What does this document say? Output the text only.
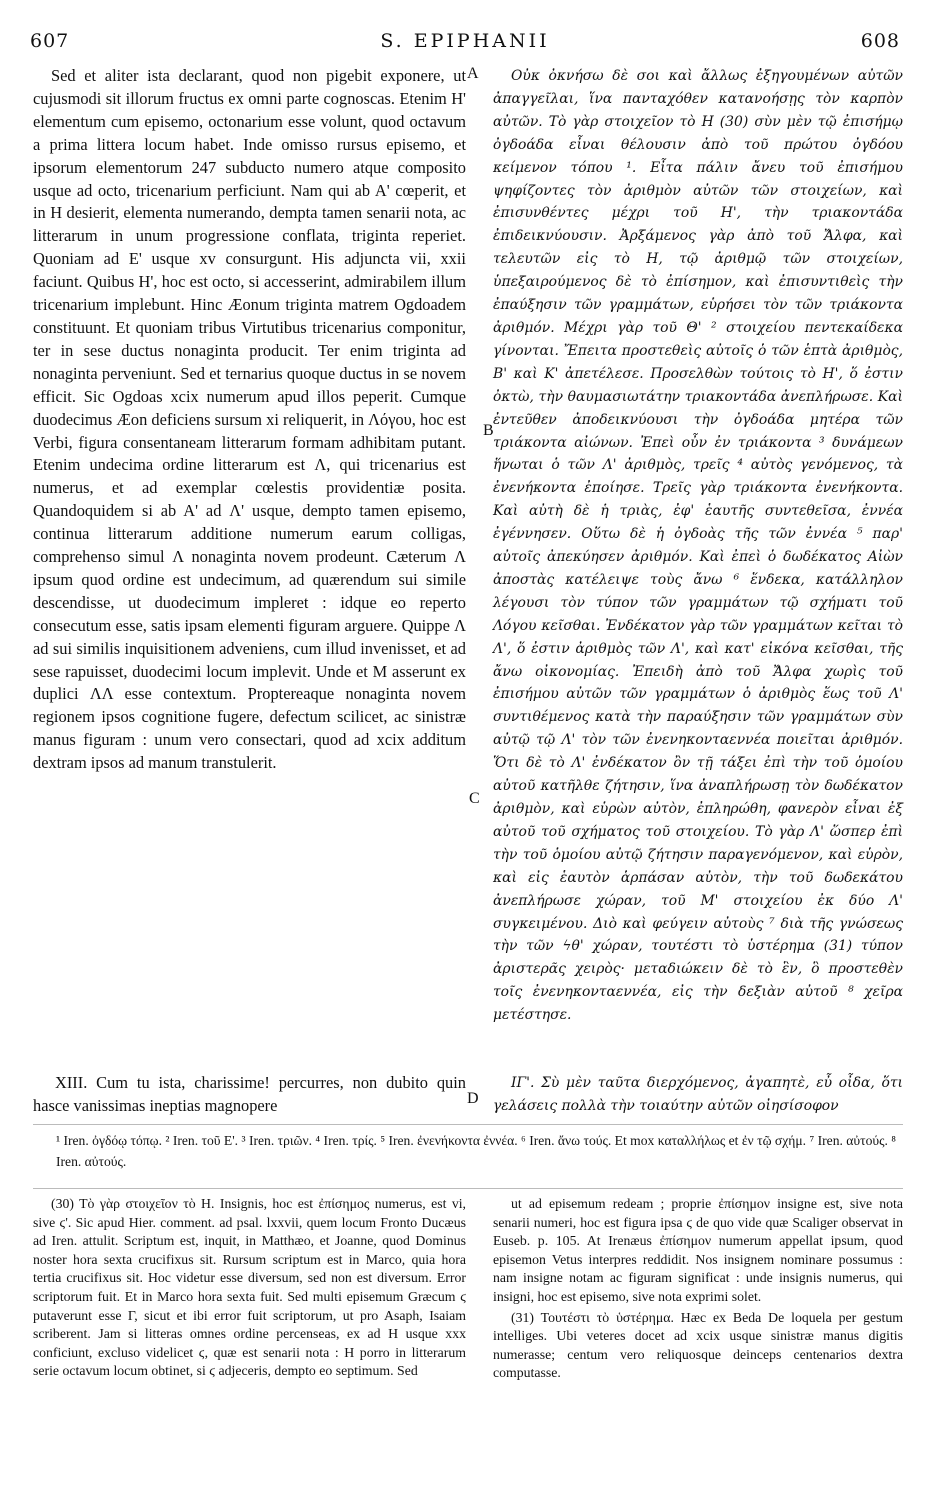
607	S. EPIPHANII	608

Sed et aliter ista declarant, quod non pigebit exponere, ut cujusmodi sit illorum fructus ex omni parte cognoscas. Etenim H' elementum cum episemo, octonarium esse volunt, quod octavum a prima littera locum habet. Inde omisso rursus episemo, et ipsorum elementorum 247 subducto numero atque composito usque ad octo, tricenarium perficiunt. Nam qui ab A' cœperit, et in H desierit, elementa numerando, dempta tamen senarii nota, ac litterarum in unum progressione conflata, triginta reperiet. Quoniam ad E' usque xv consurgunt. His adjuncta vii, xxii faciunt. Quibus H', hoc est octo, si accesserint, admirabilem illum tricenarium implebunt. Hinc Æonum triginta matrem Ogdoadem constituunt. Et quoniam tribus Virtutibus tricenarius componitur, ter in sese ductus nonaginta producit. Ter enim triginta ad nonaginta perveniunt. Sed et ternarius quoque ductus in se novem efficit. Sic Ogdoas xcix numerum apud illos peperit. Cumque duodecimus Æon deficiens sursum xi reliquerit, in Λόγου, hoc est Verbi, figura consentaneam litterarum formam adhibitam putant. Etenim undecima ordine litterarum est Λ, qui tricenarius est numerus, et ad exemplar cœlestis providentiæ posita. Quandoquidem si ab A' ad Λ' usque, dempto tamen episemo, continua litterarum additione numerum earum colligas, comprehenso simul Λ nonaginta novem prodeunt. Cæterum Λ ipsum quod ordine est undecimum, ad quærendum sui simile descendisse, ut duodecimum impleret : idque eo reperto consecutum esse, satis ipsam elementi figuram arguere. Quippe Λ ad sui similis inquisitionem adveniens, cum illud invenisset, et ad sese rapuisset, duodecimi locum implevit. Unde et M asserunt ex duplici ΛΛ esse contextum. Proptereaque nonaginta novem regionem ipsos cognitione fugere, defectum scilicet, ac sinistræ manus figuram : unum vero consectari, quod ad xcix additum dextram ipsos ad manum transtulerit.

A
B
C
D

Οὐκ ὀκνήσω δὲ σοι καὶ ἄλλως ἐξηγουμένων αὐτῶν ἀπαγγεῖλαι, ἵνα πανταχόθεν κατανοήσῃς τὸν καρπὸν αὐτῶν. Τὸ γὰρ στοιχεῖον τὸ Η (30) σὺν μὲν τῷ ἐπισήμῳ ὀγδοάδα εἶναι θέλουσιν ἀπὸ τοῦ πρώτου ὀγδόου κείμενον τόπου ¹. Εἶτα πάλιν ἄνευ τοῦ ἐπισήμου ψηφίζοντες τὸν ἀριθμὸν αὐτῶν τῶν στοιχείων, καὶ ἐπισυνθέντες μέχρι τοῦ Η', τὴν τριακοντάδα ἐπιδεικνύουσιν. Ἀρξάμενος γὰρ ἀπὸ τοῦ Ἄλφα, καὶ τελευτῶν εἰς τὸ Η, τῷ ἀριθμῷ τῶν στοιχείων, ὑπεξαιρούμενος δὲ τὸ ἐπίσημον, καὶ ἐπισυντιθεὶς τὴν ἐπαύξησιν τῶν γραμμάτων, εὑρήσει τὸν τῶν τριάκοντα ἀριθμόν. Μέχρι γὰρ τοῦ Θ' ² στοιχείου πεντεκαίδεκα γίνονται. Ἔπειτα προστεθεὶς αὐτοῖς ὁ τῶν ἑπτὰ ἀριθμὸς, Β' καὶ Κ' ἀπετέλεσε. Προσελθὼν τούτοις τὸ Η', ὅ ἐστιν ὀκτὼ, τὴν θαυμασιωτάτην τριακοντάδα ἀνεπλήρωσε. Καὶ ἐντεῦθεν ἀποδεικνύουσι τὴν ὀγδοάδα μητέρα τῶν τριάκοντα αἰώνων. Ἐπεὶ οὖν ἐν τριάκοντα ³ δυνάμεων ἥνωται ὁ τῶν Λ' ἀριθμὸς, τρεῖς ⁴ αὐτὸς γενόμενος, τὰ ἐνενήκοντα ἐποίησε. Τρεῖς γὰρ τριάκοντα ἐνενήκοντα. Καὶ αὐτὴ δὲ ἡ τριὰς, ἐφ' ἑαυτῆς συντεθεῖσα, ἐννέα ἐγέννησεν. Οὕτω δὲ ἡ ὀγδοὰς τῆς τῶν ἐννέα ⁵ παρ' αὐτοῖς ἀπεκύησεν ἀριθμόν. Καὶ ἐπεὶ ὁ δωδέκατος Αἰὼν ἀποστὰς κατέλειψε τοὺς ἄνω ⁶ ἕνδεκα, κατάλληλον λέγουσι τὸν τύπον τῶν γραμμάτων τῷ σχήματι τοῦ Λόγου κεῖσθαι. Ἐνδέκατον γὰρ τῶν γραμμάτων κεῖται τὸ Λ', ὅ ἐστιν ἀριθμὸς τῶν Λ', καὶ κατ' εἰκόνα κεῖσθαι, τῆς ἄνω οἰκονομίας. Ἐπειδὴ ἀπὸ τοῦ Ἄλφα χωρὶς τοῦ ἐπισήμου αὐτῶν τῶν γραμμάτων ὁ ἀριθμὸς ἕως τοῦ Λ' συντιθέμενος κατὰ τὴν παραύξησιν τῶν γραμμάτων σὺν αὐτῷ τῷ Λ' τὸν τῶν ἐνενηκονταεννέα ποιεῖται ἀριθμόν. Ὅτι δὲ τὸ Λ' ἐνδέκατον ὂν τῇ τάξει ἐπὶ τὴν τοῦ ὁμοίου αὐτοῦ κατῆλθε ζήτησιν, ἵνα ἀναπλήρωσῃ τὸν δωδέκατον ἀριθμὸν, καὶ εὑρὼν αὐτὸν, ἐπληρώθη, φανερὸν εἶναι ἐξ αὐτοῦ τοῦ σχήματος τοῦ στοιχείου. Τὸ γὰρ Λ' ὥσπερ ἐπὶ τὴν τοῦ ὁμοίου αὐτῷ ζήτησιν παραγενόμενον, καὶ εὑρὸν, καὶ εἰς ἑαυτὸν ἁρπάσαν αὐτὸν, τὴν τοῦ δωδεκάτου ἀνεπλήρωσε χώραν, τοῦ Μ' στοιχείου ἐκ δύο Λ' συγκειμένου. Διὸ καὶ φεύγειν αὐτοὺς ⁷ διὰ τῆς γνώσεως τὴν τῶν ϟθ' χώραν, τουτέστι τὸ ὑστέρημα (31) τύπον ἀριστερᾶς χειρὸς· μεταδιώκειν δὲ τὸ ἓν, ὃ προστεθὲν τοῖς ἐνενηκονταεννέα, εἰς τὴν δεξιὰν αὐτοῦ ⁸ χεῖρα μετέστησε.

XIII. Cum tu ista, charissime! percurres, non dubito quin hasce vanissimas ineptias magnopere
ΙΓ'. Σὺ μὲν ταῦτα διερχόμενος, ἀγαπητὲ, εὖ οἶδα, ὅτι γελάσεις πολλὰ τὴν τοιαύτην αὐτῶν οἰησίσοφον
¹ Iren. ὀγδόῳ τόπῳ. ² Iren. τοῦ Ε'. ³ Iren. τριῶν. ⁴ Iren. τρίς. ⁵ Iren. ἐνενήκοντα ἐννέα. ⁶ Iren. ἄνω τούς. Et mox καταλλήλως et ἐν τῷ σχήμ. ⁷ Iren. αὐτούς. ⁸ Iren. αὐτούς.

(30) Τὸ γὰρ στοιχεῖον τὸ Η. Insignis, hoc est ἐπίσημος numerus, est vi, sive ϛ'. Sic apud Hier. comment. ad psal. lxxvii, quem locum Fronto Ducæus ad Iren. attulit. Scriptum est, inquit, in Matthæo, et Joanne, quod Dominus noster hora sexta crucifixus sit. Rursum scriptum est in Marco, quia hora tertia crucifixus sit. Hoc videtur esse diversum, sed non est diversum. Error scriptorum fuit. Et in Marco hora sexta fuit. Sed multi episemum Græcum ϛ putaverunt esse Γ, sicut et ibi error fuit scriptorum, ut pro Asaph, Isaiam scriberent. Jam si litteras omnes ordine percenseas, ex ad H usque xxx conficiunt, excluso videlicet ϛ, quæ est senarii nota : H porro in litterarum serie octavum locum obtinet, si ϛ adjeceris, dempto eo septimum. Sed

ut ad episemum redeam ; proprie ἐπίσημον insigne est, sive nota senarii numeri, hoc est figura ipsa ϛ de quo vide quæ Scaliger observat in Euseb. p. 105. At Irenæus ἐπίσημον numerum appellat ipsum, quod episemon Vetus interpres reddidit. Nos insignem nominare possumus : nam insigne notam ac figuram significat : unde insignis numerus, qui insigni, hoc est episemo, sive nota exprimi solet.

(31) Τουτέστι τὸ ὑστέρημα. Hæc ex Beda De loquela per gestum intelliges. Ubi veteres docet ad xcix usque sinistræ manus digitis numerasse; centum vero reliquosque deinceps centenarios dextra computasse.
